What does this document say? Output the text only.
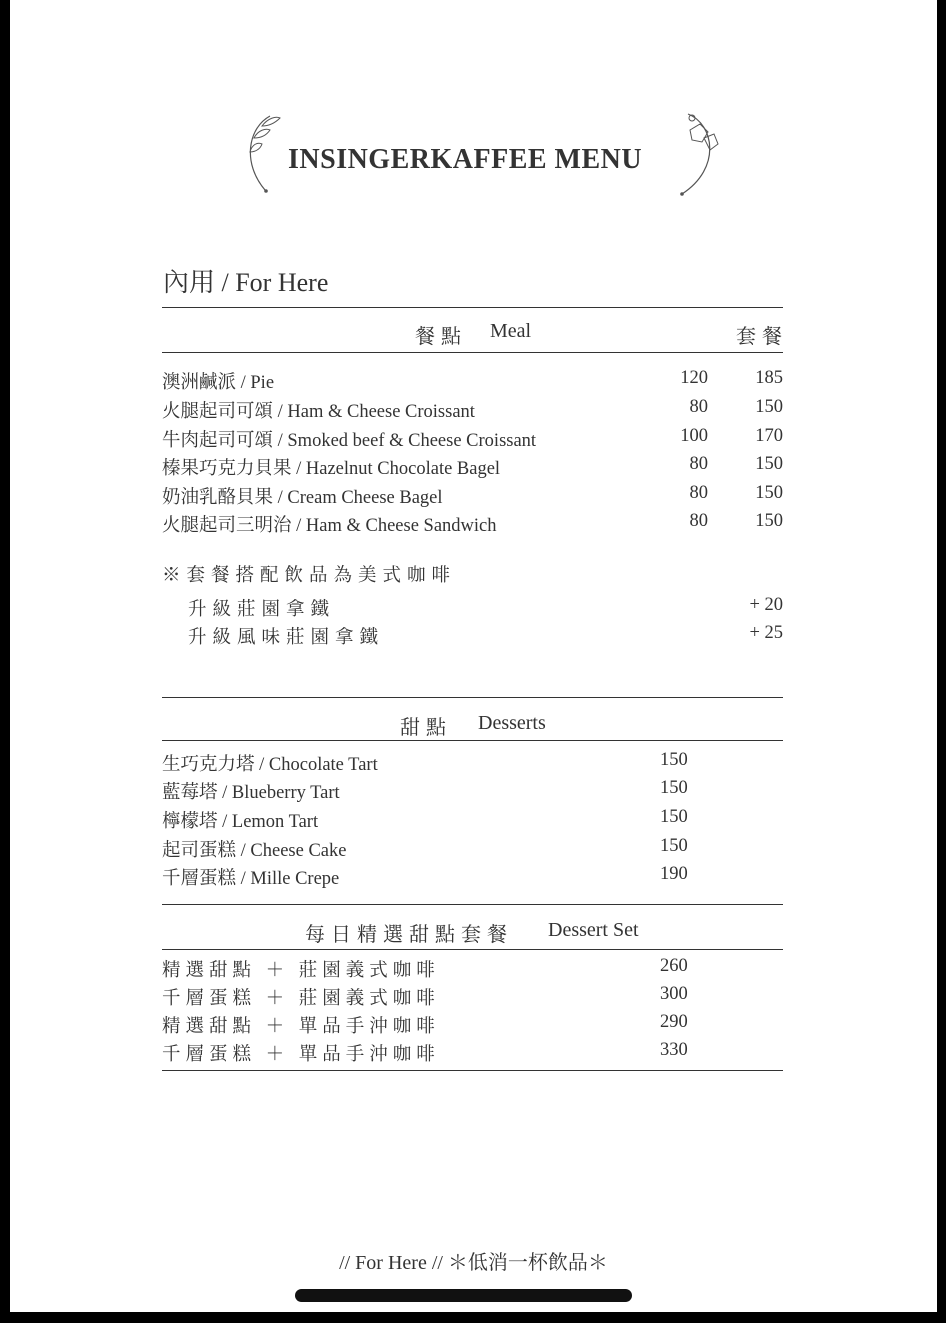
INSINGERKAFFEE MENU
內用 / For Here
餐點 Meal	套餐
澳洲鹹派 / Pie	120	185
火腿起司可頌 / Ham & Cheese Croissant	80	150
牛肉起司可頌 / Smoked beef & Cheese Croissant	100	170
榛果巧克力貝果 / Hazelnut Chocolate Bagel	80	150
奶油乳酪貝果 / Cream Cheese Bagel	80	150
火腿起司三明治 / Ham & Cheese Sandwich	80	150
※套餐搭配飲品為美式咖啡
升級莊園拿鐵	+ 20
升級風味莊園拿鐵	+ 25
甜點 Desserts
生巧克力塔 / Chocolate Tart	150
藍莓塔 / Blueberry Tart	150
檸檬塔 / Lemon Tart	150
起司蛋糕 / Cheese Cake	150
千層蛋糕 / Mille Crepe	190
每日精選甜點套餐 Dessert Set
精選甜點 ＋ 莊園義式咖啡	260
千層蛋糕 ＋ 莊園義式咖啡	300
精選甜點 ＋ 單品手沖咖啡	290
千層蛋糕 ＋ 單品手沖咖啡	330
// For Here // ＊低消一杯飲品＊
